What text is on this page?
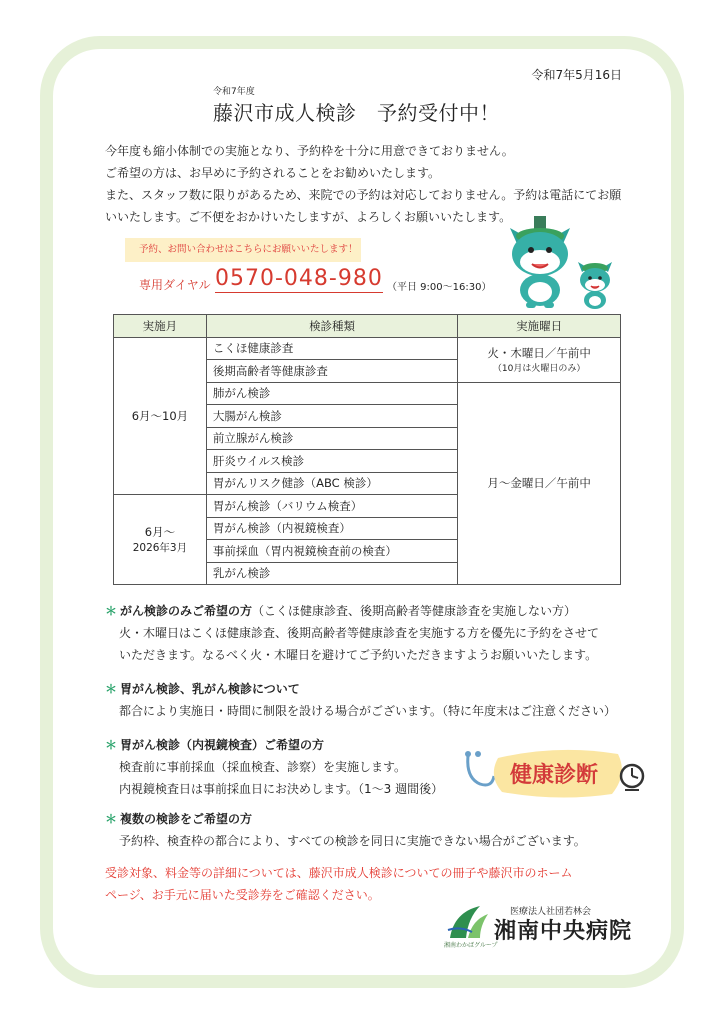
令和7年5月16日
令和7年度
藤沢市成人検診　予約受付中！

今年度も縮小体制での実施となり、予約枠を十分に用意できておりません。

ご希望の方は、お早めに予約されることをお勧めいたします。

また、スタッフ数に限りがあるため、来院での予約は対応しておりません。予約は電話にてお願

いいたします。ご不便をおかけいたしますが、よろしくお願いいたします。

予約、お問い合わせはこちらにお願いいたします！
専用ダイヤル 0570-048-980 （平日 9:00～16:30）
実施月	検診種類	実施曜日
6月～10月	こくほ健康診査	火・木曜日／午前中
（10月は火曜日のみ）

	後期高齢者等健康診査	
	肺がん検診	月～金曜日／午前中
	大腸がん検診	
	前立腺がん検診	
	肝炎ウイルス検診	
	胃がんリスク健診（ABC 検診）	

6月～
2026年3月	胃がん検診（バリウム検査）	
	胃がん検診（内視鏡検査）	
	事前採血（胃内視鏡検査前の検査）	
	乳がん検診	
＊ がん検診のみご希望の方（こくほ健康診査、後期高齢者等健康診査を実施しない方）
火・木曜日はこくほ健康診査、後期高齢者等健康診査を実施する方を優先に予約をさせて
いただきます。なるべく火・木曜日を避けてご予約いただきますようお願いいたします。
＊ 胃がん検診、乳がん検診について
都合により実施日・時間に制限を設ける場合がございます。（特に年度末はご注意ください）
＊ 胃がん検診（内視鏡検査）ご希望の方
検査前に事前採血（採血検査、診察）を実施します。
内視鏡検査日は事前採血日にお決めします。（1～3 週間後）
健康診断
＊ 複数の検診をご希望の方
予約枠、検査枠の都合により、すべての検診を同日に実施できない場合がございます。
受診対象、料金等の詳細については、藤沢市成人検診についての冊子や藤沢市のホーム
ページ、お手元に届いた受診券をご確認ください。
医療法人社団若林会
湘南中央病院
湘南わかばグループ
